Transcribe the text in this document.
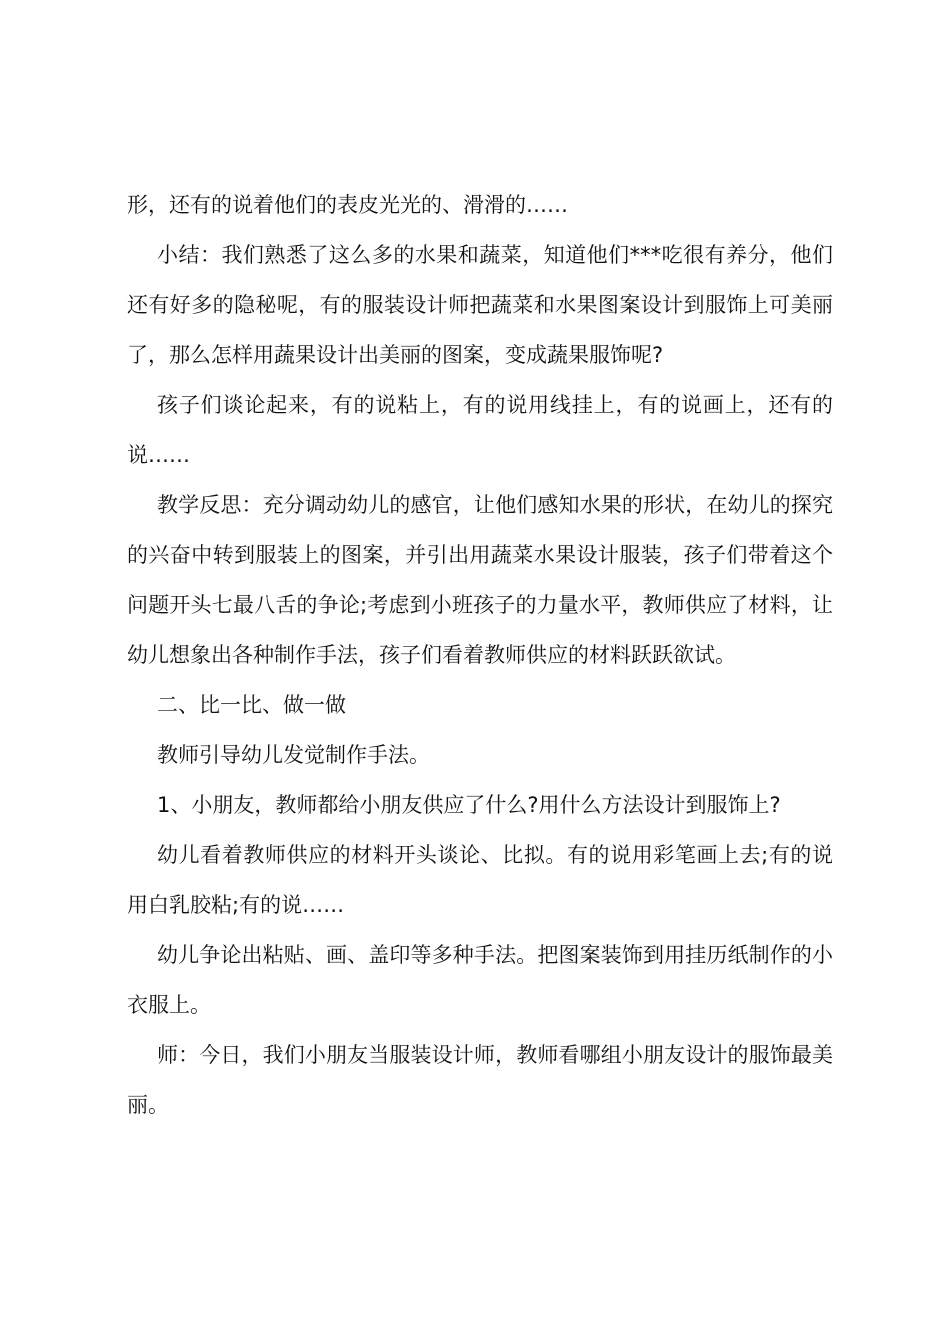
形，还有的说着他们的表皮光光的、滑滑的……

小结：我们熟悉了这么多的水果和蔬菜，知道他们***吃很有养分，他们还有好多的隐秘呢，有的服装设计师把蔬菜和水果图案设计到服饰上可美丽了，那么怎样用蔬果设计出美丽的图案，变成蔬果服饰呢?

孩子们谈论起来，有的说粘上，有的说用线挂上，有的说画上，还有的说……

教学反思：充分调动幼儿的感官，让他们感知水果的形状，在幼儿的探究的兴奋中转到服装上的图案，并引出用蔬菜水果设计服装，孩子们带着这个问题开头七最八舌的争论;考虑到小班孩子的力量水平，教师供应了材料，让幼儿想象出各种制作手法，孩子们看着教师供应的材料跃跃欲试。

二、比一比、做一做

教师引导幼儿发觉制作手法。

1、小朋友，教师都给小朋友供应了什么?用什么方法设计到服饰上?

幼儿看着教师供应的材料开头谈论、比拟。有的说用彩笔画上去;有的说用白乳胶粘;有的说……

幼儿争论出粘贴、画、盖印等多种手法。把图案装饰到用挂历纸制作的小衣服上。

师：今日，我们小朋友当服装设计师，教师看哪组小朋友设计的服饰最美丽。
